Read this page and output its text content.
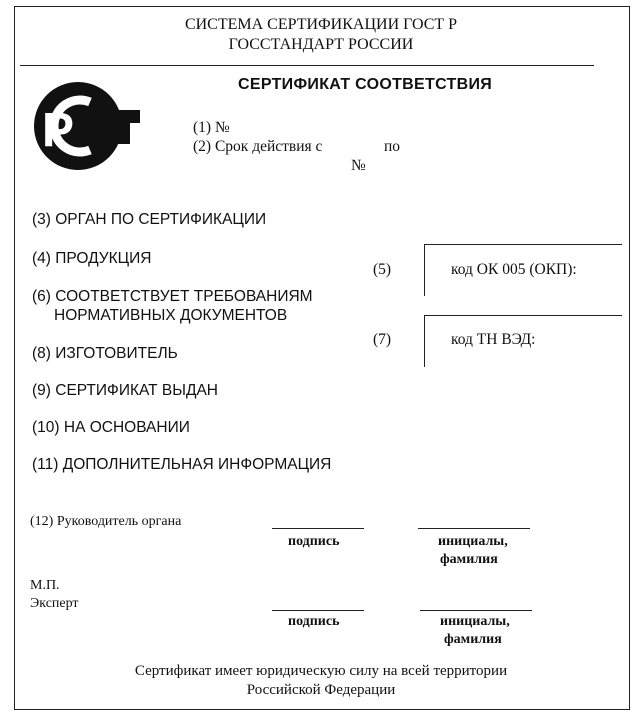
СИСТЕМА СЕРТИФИКАЦИИ ГОСТ Р
ГОССТАНДАРТ РОССИИ
СЕРТИФИКАТ СООТВЕТСТВИЯ
Р	(1) №
(2) Срок действия с	по
№
(3) ОРГАН ПО СЕРТИФИКАЦИИ
(4) ПРОДУКЦИЯ
(6) СООТВЕТСТВУЕТ ТРЕБОВАНИЯМ
НОРМАТИВНЫХ ДОКУМЕНТОВ
(8) ИЗГОТОВИТЕЛЬ
(9) СЕРТИФИКАТ ВЫДАН
(10) НА ОСНОВАНИИ
(11) ДОПОЛНИТЕЛЬНАЯ ИНФОРМАЦИЯ
(5)	код ОК 005 (ОКП):
(7)	код ТН ВЭД:
(12) Руководитель органа
подпись	инициалы,
фамилия
М.П.
Эксперт
подпись	инициалы,
фамилия
Сертификат имеет юридическую силу на всей территории
Российской Федерации
